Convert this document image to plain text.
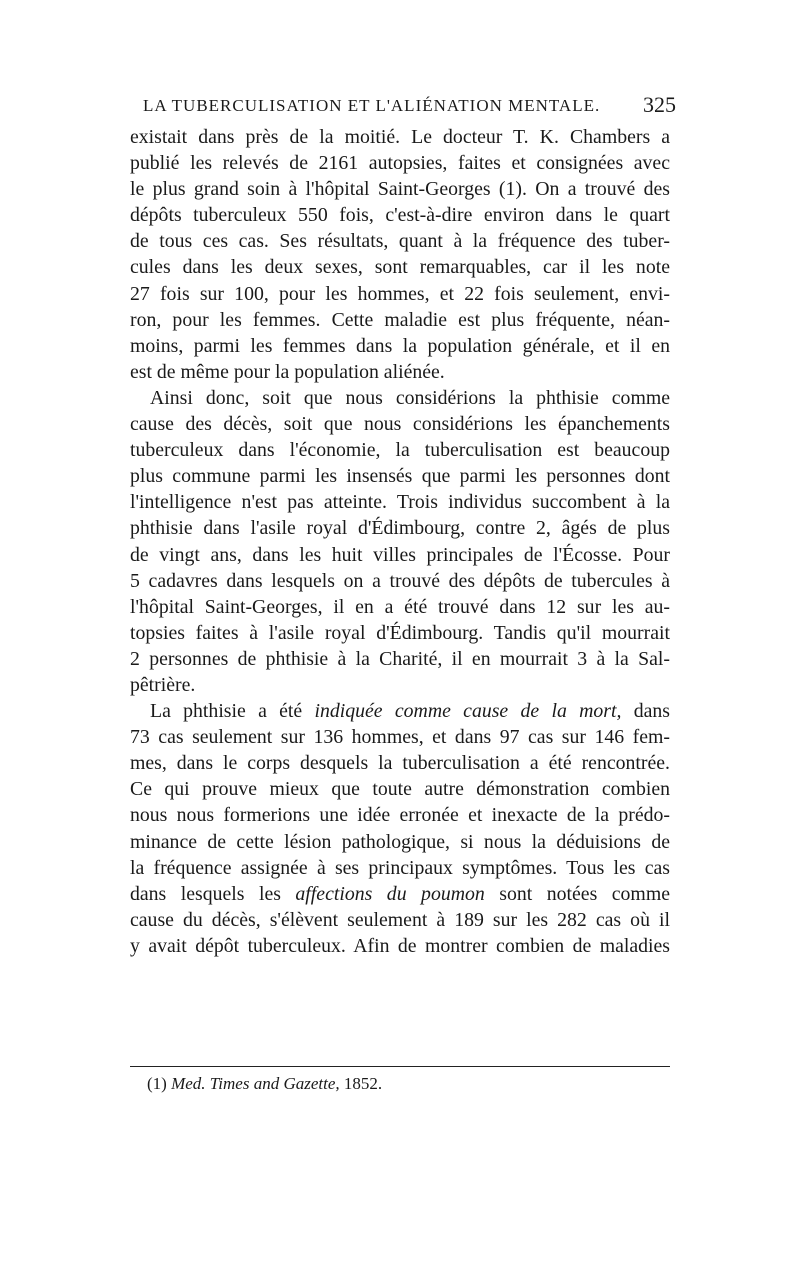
LA TUBERCULISATION ET L'ALIÉNATION MENTALE. 325
existait dans près de la moitié. Le docteur T. K. Chambers a
publié les relevés de 2161 autopsies, faites et consignées avec
le plus grand soin à l'hôpital Saint-Georges (1). On a trouvé des
dépôts tuberculeux 550 fois, c'est-à-dire environ dans le quart
de tous ces cas. Ses résultats, quant à la fréquence des tuber-
cules dans les deux sexes, sont remarquables, car il les note
27 fois sur 100, pour les hommes, et 22 fois seulement, envi-
ron, pour les femmes. Cette maladie est plus fréquente, néan-
moins, parmi les femmes dans la population générale, et il en
est de même pour la population aliénée.
Ainsi donc, soit que nous considérions la phthisie comme
cause des décès, soit que nous considérions les épanchements
tuberculeux dans l'économie, la tuberculisation est beaucoup
plus commune parmi les insensés que parmi les personnes dont
l'intelligence n'est pas atteinte. Trois individus succombent à la
phthisie dans l'asile royal d'Édimbourg, contre 2, âgés de plus
de vingt ans, dans les huit villes principales de l'Écosse. Pour
5 cadavres dans lesquels on a trouvé des dépôts de tubercules à
l'hôpital Saint-Georges, il en a été trouvé dans 12 sur les au-
topsies faites à l'asile royal d'Édimbourg. Tandis qu'il mourrait
2 personnes de phthisie à la Charité, il en mourrait 3 à la Sal-
pêtrière.
La phthisie a été indiquée comme cause de la mort, dans
73 cas seulement sur 136 hommes, et dans 97 cas sur 146 fem-
mes, dans le corps desquels la tuberculisation a été rencontrée.
Ce qui prouve mieux que toute autre démonstration combien
nous nous formerions une idée erronée et inexacte de la prédo-
minance de cette lésion pathologique, si nous la déduisions de
la fréquence assignée à ses principaux symptômes. Tous les cas
dans lesquels les affections du poumon sont notées comme
cause du décès, s'élèvent seulement à 189 sur les 282 cas où il
y avait dépôt tuberculeux. Afin de montrer combien de maladies
(1) Med. Times and Gazette, 1852.
